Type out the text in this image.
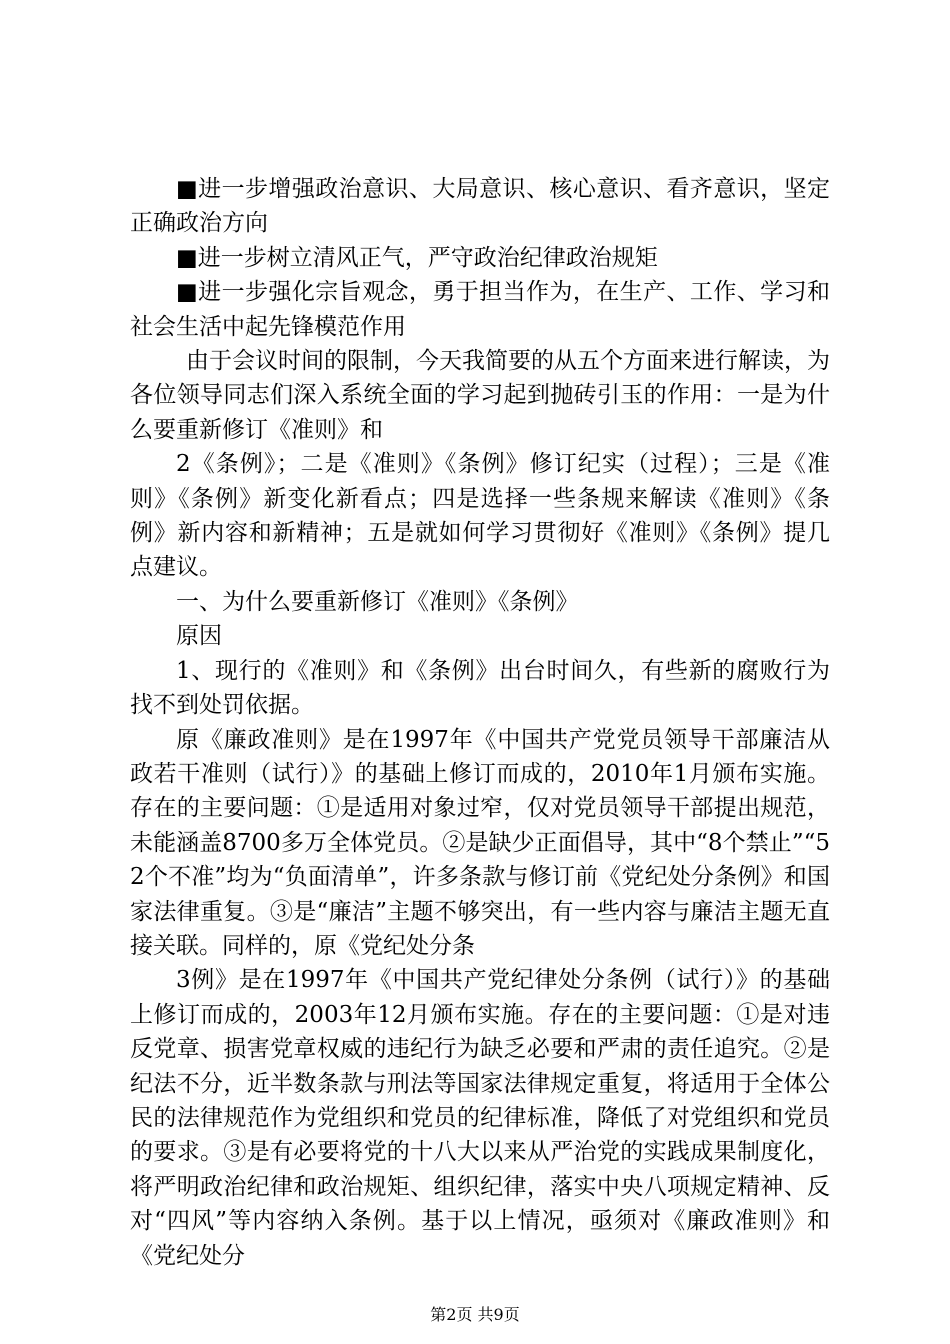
■进一步增强政治意识、大局意识、核心意识、看齐意识，坚定正确政治方向

■进一步树立清风正气，严守政治纪律政治规矩

■进一步强化宗旨观念，勇于担当作为，在生产、工作、学习和社会生活中起先锋模范作用

由于会议时间的限制，今天我简要的从五个方面来进行解读，为各位领导同志们深入系统全面的学习起到抛砖引玉的作用：一是为什么要重新修订《准则》和

2《条例》；二是《准则》《条例》修订纪实（过程）；三是《准则》《条例》新变化新看点；四是选择一些条规来解读《准则》《条例》新内容和新精神；五是就如何学习贯彻好《准则》《条例》提几点建议。

一、为什么要重新修订《准则》《条例》

原因

1、现行的《准则》和《条例》出台时间久，有些新的腐败行为找不到处罚依据。

原《廉政准则》是在1997年《中国共产党党员领导干部廉洁从政若干准则（试行）》的基础上修订而成的，2010年1月颁布实施。存在的主要问题：①是适用对象过窄，仅对党员领导干部提出规范，未能涵盖8700多万全体党员。②是缺少正面倡导，其中“8个禁止”“52个不准”均为“负面清单”，许多条款与修订前《党纪处分条例》和国家法律重复。③是“廉洁”主题不够突出，有一些内容与廉洁主题无直接关联。同样的，原《党纪处分条

3例》是在1997年《中国共产党纪律处分条例（试行）》的基础上修订而成的，2003年12月颁布实施。存在的主要问题：①是对违反党章、损害党章权威的违纪行为缺乏必要和严肃的责任追究。②是纪法不分，近半数条款与刑法等国家法律规定重复，将适用于全体公民的法律规范作为党组织和党员的纪律标准，降低了对党组织和党员的要求。③是有必要将党的十八大以来从严治党的实践成果制度化，将严明政治纪律和政治规矩、组织纪律，落实中央八项规定精神、反对“四风”等内容纳入条例。基于以上情况，亟须对《廉政准则》和《党纪处分

第2页 共9页
